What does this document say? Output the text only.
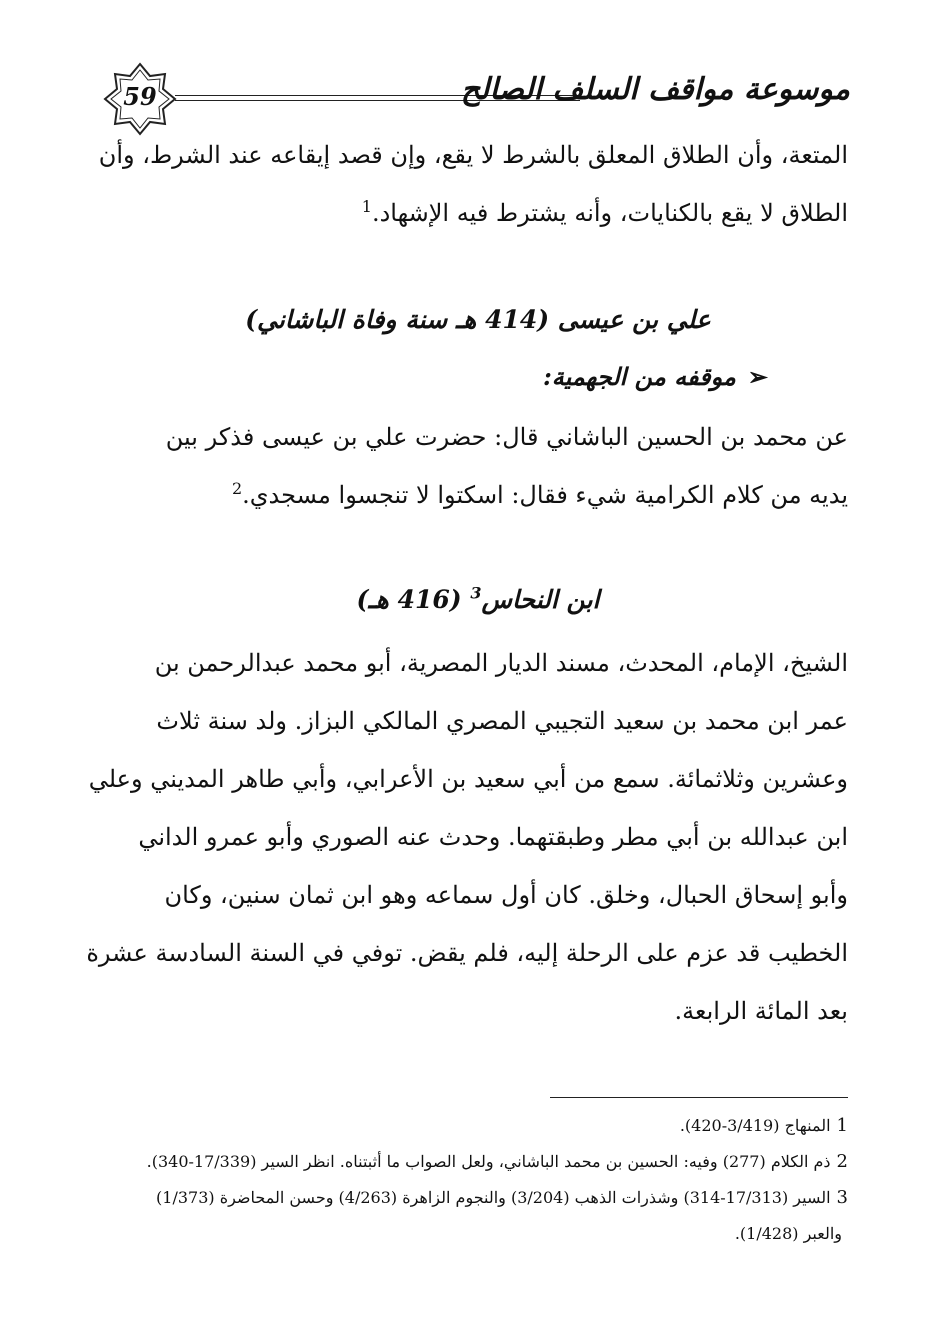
59	موسوعة مواقف السلف الصالح
المتعة، وأن الطلاق المعلق بالشرط لا يقع، وإن قصد إيقاعه عند الشرط، وأن
الطلاق لا يقع بالكنايات، وأنه يشترط فيه الإشهاد.$^1$
علي بن عيسى (414 هـ سنة وفاة الباشاني)
➢موقفه من الجهمية:
عن محمد بن الحسين الباشاني قال: حضرت علي بن عيسى فذكر بين
يديه من كلام الكرامية شيء فقال: اسكتوا لا تنجسوا مسجدي.$^2$
ابن النحاس$^3$ (416 هـ)
الشيخ، الإمام، المحدث، مسند الديار المصرية، أبو محمد عبدالرحمن بن
عمر ابن محمد بن سعيد التجيبي المصري المالكي البزاز. ولد سنة ثلاث
وعشرين وثلاثمائة. سمع من أبي سعيد بن الأعرابي، وأبي طاهر المديني وعلي
ابن عبدالله بن أبي مطر وطبقتهما. وحدث عنه الصوري وأبو عمرو الداني
وأبو إسحاق الحبال، وخلق. كان أول سماعه وهو ابن ثمان سنين، وكان
الخطيب قد عزم على الرحلة إليه، فلم يقض. توفي في السنة السادسة عشرة
بعد المائة الرابعة.
1المنهاج (3/419-420).
2ذم الكلام (277) وفيه: الحسين بن محمد الباشاني، ولعل الصواب ما أثبتناه. انظر السير (17/339-340).
3السير (17/313-314) وشذرات الذهب (3/204) والنجوم الزاهرة (4/263) وحسن المحاضرة (1/373)
والعبر (1/428).
